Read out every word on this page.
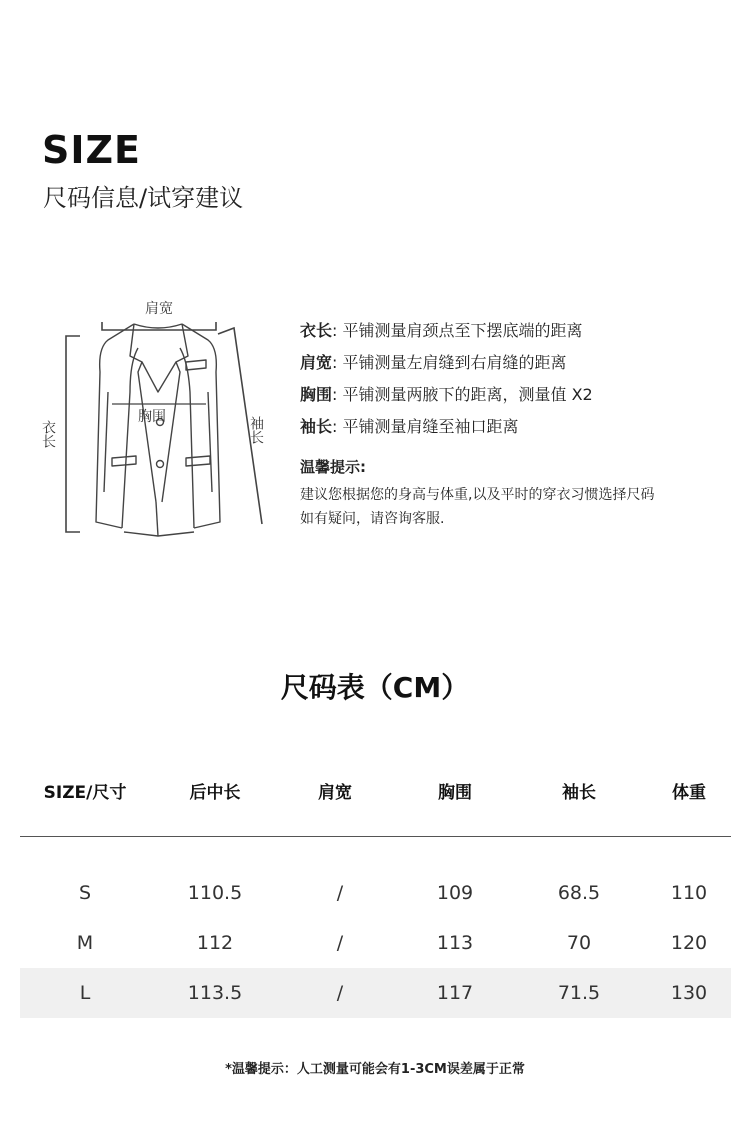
SIZE
尺码信息/试穿建议
肩宽
胸围
衣长	袖长
衣长: 平铺测量肩颈点至下摆底端的距离
肩宽: 平铺测量左肩缝到右肩缝的距离
胸围: 平铺测量两腋下的距离，测量值 X2
袖长: 平铺测量肩缝至袖口距离
温馨提示:
建议您根据您的身高与体重,以及平时的穿衣习惯选择尺码
如有疑问，请咨询客服.
尺码表（CM）
SIZE/尺寸	后中长	肩宽	胸围	袖长	体重
S	110.5	/	109	68.5	110
M	112	/	113	70	120
L	113.5	/	117	71.5	130
*温馨提示：人工测量可能会有1-3CM误差属于正常
